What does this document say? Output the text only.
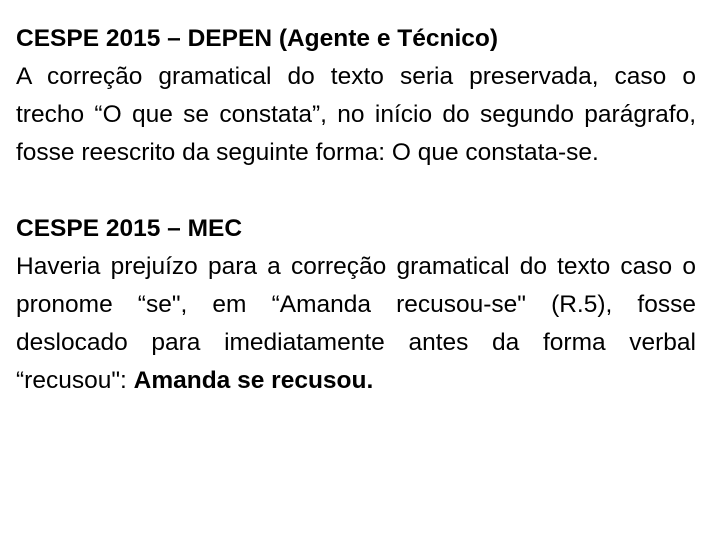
CESPE 2015 – DEPEN (Agente e Técnico)
A correção gramatical do texto seria preservada, caso o trecho “O que se constata”, no início do segundo parágrafo, fosse reescrito da seguinte forma: O que constata-se.
CESPE 2015 – MEC
Haveria prejuízo para a correção gramatical do texto caso o pronome “se", em “Amanda recusou-se" (R.5), fosse deslocado para imediatamente antes da forma verbal “recusou": Amanda se recusou.
